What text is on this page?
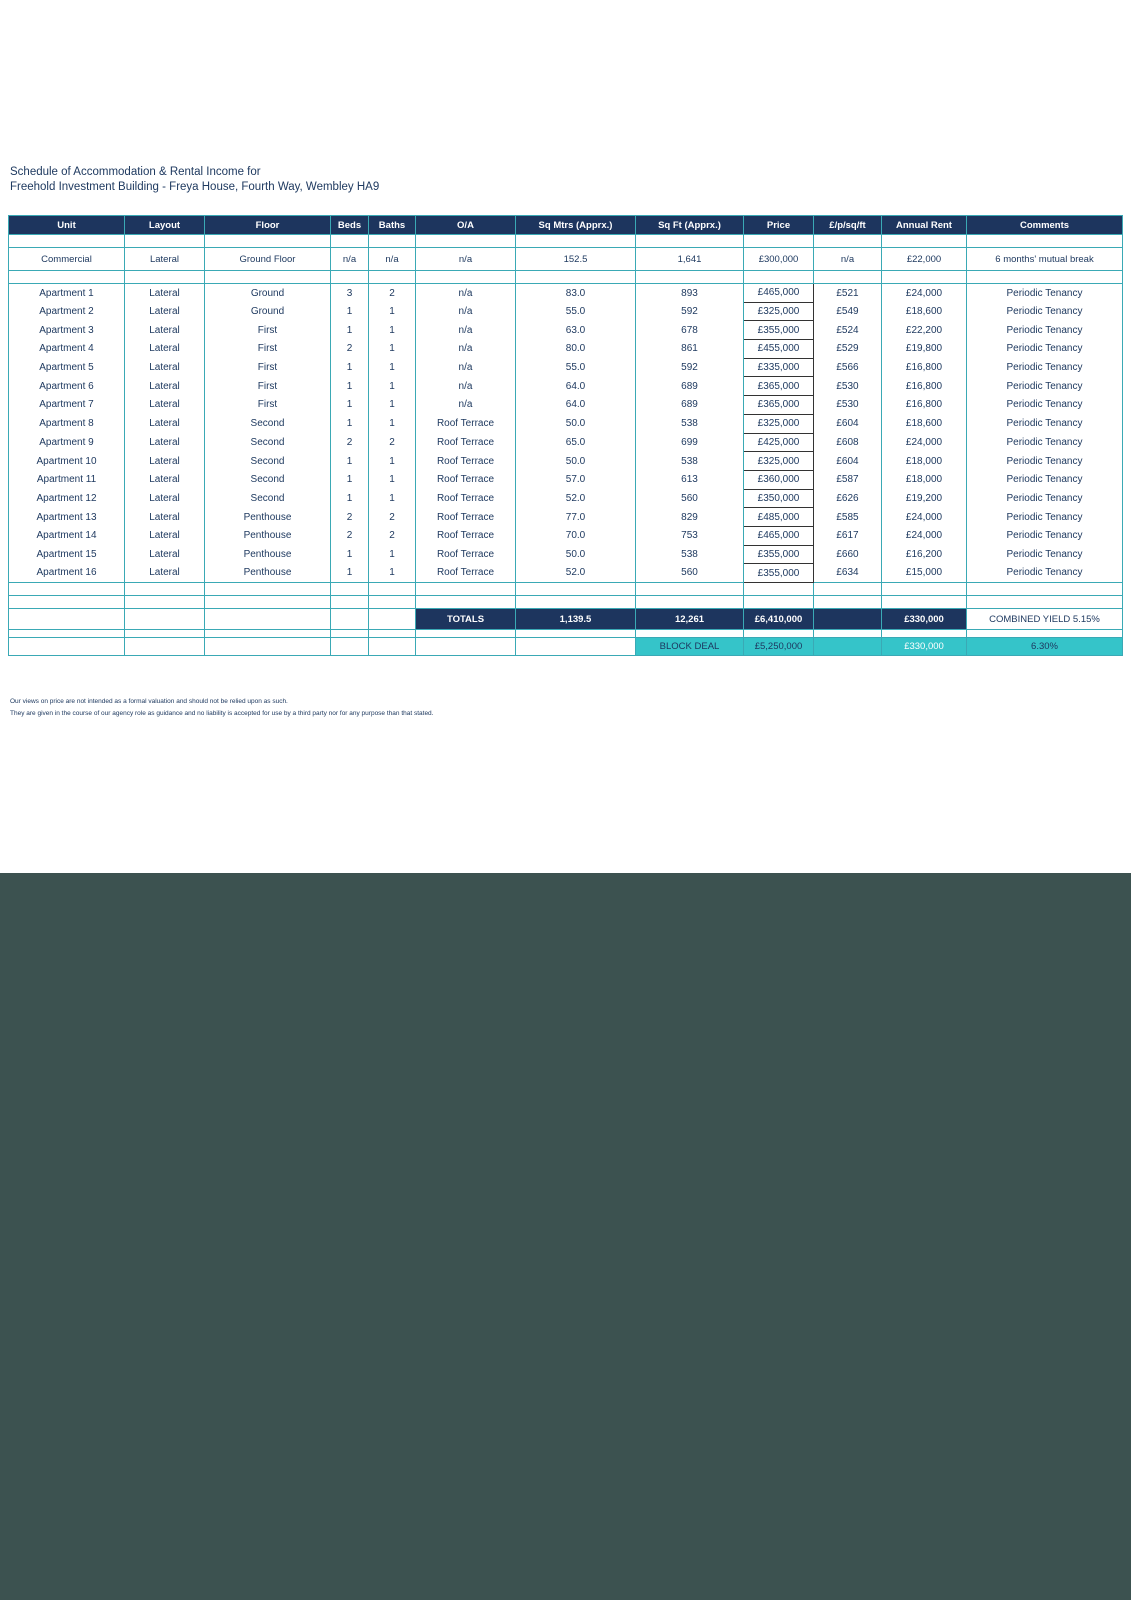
Schedule of Accommodation & Rental Income for
Freehold Investment Building - Freya House, Fourth Way, Wembley HA9
Unit	Layout	Floor	Beds	Baths	O/A	Sq Mtrs (Apprx.)	Sq Ft (Apprx.)	Price	£/p/sq/ft	Annual Rent	Comments

Commercial	Lateral	Ground Floor	n/a	n/a	n/a	152.5	1,641	£300,000	n/a	£22,000	6 months' mutual break

Apartment 1	Lateral	Ground	3	2	n/a	83.0	893	£465,000	£521	£24,000	Periodic Tenancy
Apartment 2	Lateral	Ground	1	1	n/a	55.0	592	£325,000	£549	£18,600	Periodic Tenancy
Apartment 3	Lateral	First	1	1	n/a	63.0	678	£355,000	£524	£22,200	Periodic Tenancy
Apartment 4	Lateral	First	2	1	n/a	80.0	861	£455,000	£529	£19,800	Periodic Tenancy
Apartment 5	Lateral	First	1	1	n/a	55.0	592	£335,000	£566	£16,800	Periodic Tenancy
Apartment 6	Lateral	First	1	1	n/a	64.0	689	£365,000	£530	£16,800	Periodic Tenancy
Apartment 7	Lateral	First	1	1	n/a	64.0	689	£365,000	£530	£16,800	Periodic Tenancy
Apartment 8	Lateral	Second	1	1	Roof Terrace	50.0	538	£325,000	£604	£18,600	Periodic Tenancy
Apartment 9	Lateral	Second	2	2	Roof Terrace	65.0	699	£425,000	£608	£24,000	Periodic Tenancy
Apartment 10	Lateral	Second	1	1	Roof Terrace	50.0	538	£325,000	£604	£18,000	Periodic Tenancy
Apartment 11	Lateral	Second	1	1	Roof Terrace	57.0	613	£360,000	£587	£18,000	Periodic Tenancy
Apartment 12	Lateral	Second	1	1	Roof Terrace	52.0	560	£350,000	£626	£19,200	Periodic Tenancy
Apartment 13	Lateral	Penthouse	2	2	Roof Terrace	77.0	829	£485,000	£585	£24,000	Periodic Tenancy
Apartment 14	Lateral	Penthouse	2	2	Roof Terrace	70.0	753	£465,000	£617	£24,000	Periodic Tenancy
Apartment 15	Lateral	Penthouse	1	1	Roof Terrace	50.0	538	£355,000	£660	£16,200	Periodic Tenancy
Apartment 16	Lateral	Penthouse	1	1	Roof Terrace	52.0	560	£355,000	£634	£15,000	Periodic Tenancy

					TOTALS	1,139.5	12,261	£6,410,000		£330,000	COMBINED YIELD 5.15%

							BLOCK DEAL	£5,250,000		£330,000	6.30%
Our views on price are not intended as a formal valuation and should not be relied upon as such.
They are given in the course of our agency role as guidance and no liability is accepted for use by a third party nor for any purpose than that stated.
